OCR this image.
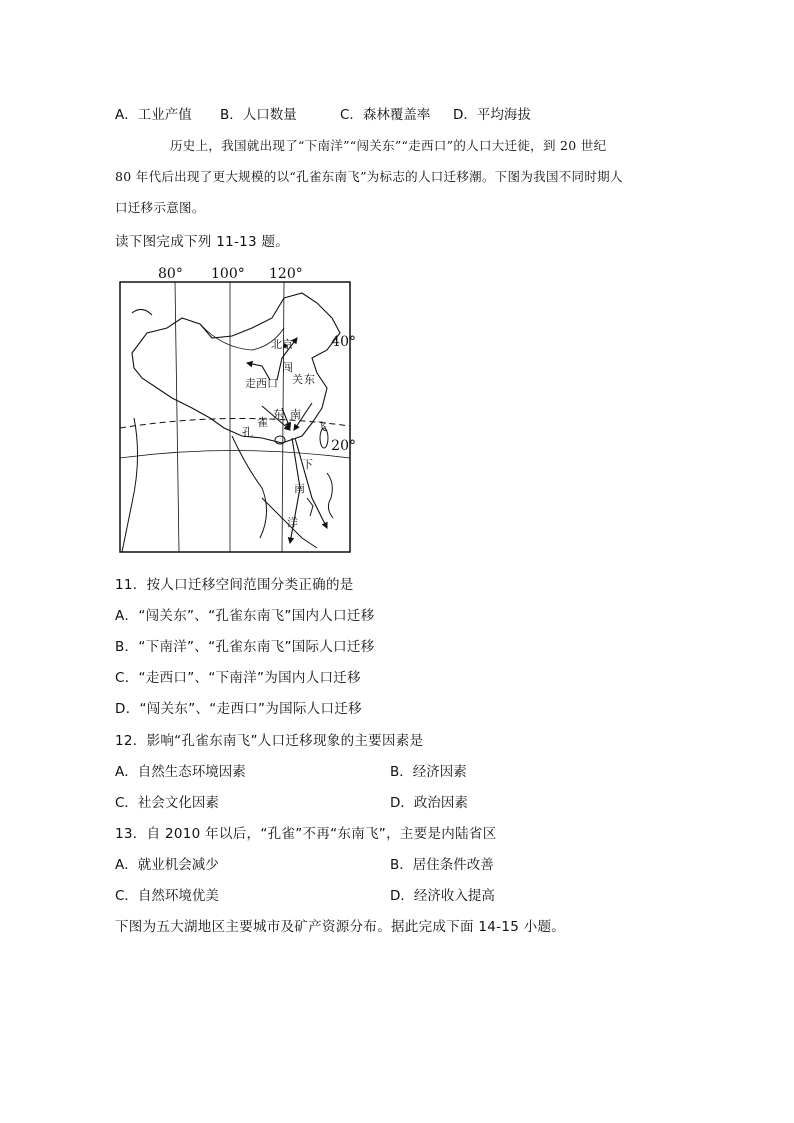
A．工业产值 B．人口数量	C．森林覆盖率 D．平均海拔
历史上，我国就出现了“下南洋”“闯关东”“走西口”的人口大迁徙，到 20 世纪
80 年代后出现了更大规模的以“孔雀东南飞”为标志的人口迁移潮。下图为我国不同时期人
口迁移示意图。
读下图完成下列 11-13 题。
80° 100° 120°
40°
20°
北京
闯
关 东
走西口
孔
雀
东 南
飞
下
南
洋
11．按人口迁移空间范围分类正确的是
A．“闯关东”、“孔雀东南飞”国内人口迁移
B．“下南洋”、“孔雀东南飞”国际人口迁移
C．“走西口”、“下南洋”为国内人口迁移
D．“闯关东”、“走西口”为国际人口迁移
12．影响“孔雀东南飞”人口迁移现象的主要因素是
A．自然生态环境因素	B．经济因素
C．社会文化因素	D．政治因素
13．自 2010 年以后，“孔雀”不再“东南飞”，主要是内陆省区
A．就业机会减少	B．居住条件改善
C．自然环境优美	D．经济收入提高
下图为五大湖地区主要城市及矿产资源分布。据此完成下面 14-15 小题。
